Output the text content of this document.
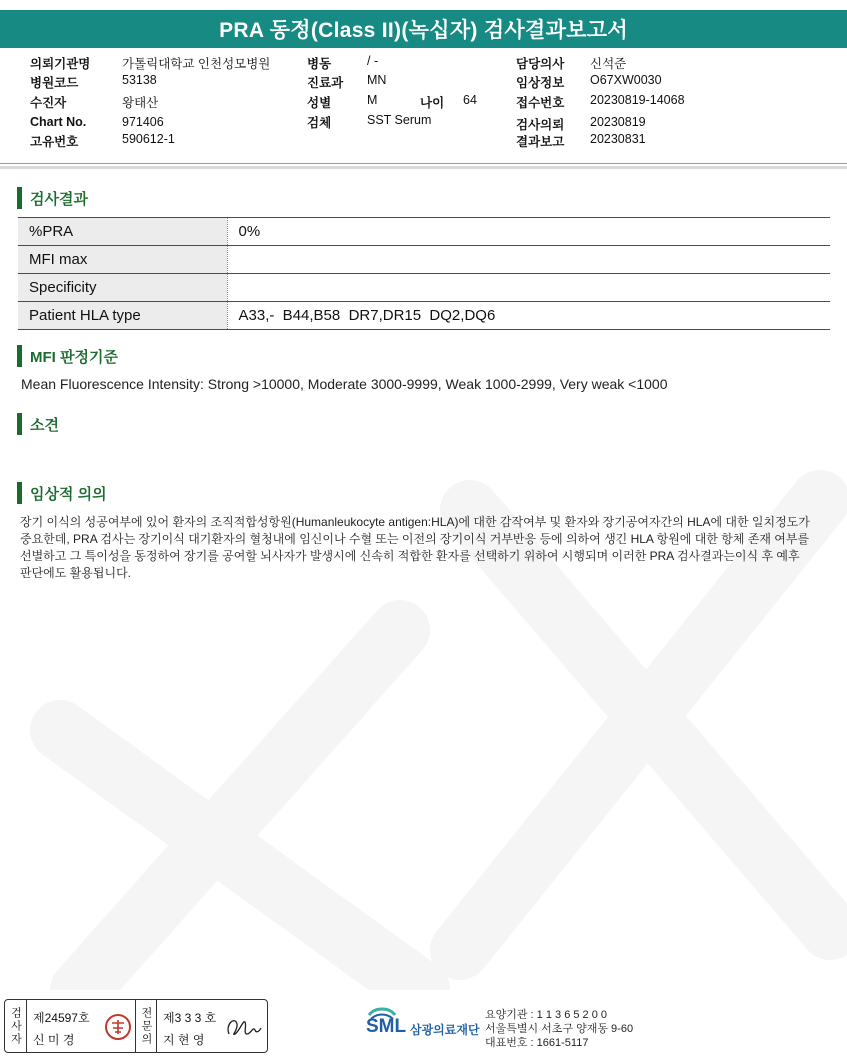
PRA 동정(Class II)(녹십자) 검사결과보고서
의뢰기관명	가톨릭대학교 인천성모병원
병원코드	53138
수진자	왕태산
Chart No.	971406
고유번호	590612-1
병동	/ -
진료과 MN
성별	M	나이 64
검체	SST Serum
담당의사 신석준
임상정보 O67XW0030
접수번호 20230819-14068
검사의뢰 20230819
결과보고 20230831
검사결과
%PRA	0%
MFI max	
Specificity	
Patient HLA type	A33,-  B44,B58  DR7,DR15  DQ2,DQ6
MFI 판정기준
Mean Fluorescence Intensity: Strong >10000, Moderate 3000-9999, Weak 1000-2999, Very weak <1000
소견
임상적 의의
장기 이식의 성공여부에 있어 환자의 조직적합성항원(Humanleukocyte antigen:HLA)에 대한 감작여부 및 환자와 장기공여자간의 HLA에 대한 일치정도가 중요한데, PRA 검사는 장기이식 대기환자의 혈청내에 임신이나 수혈 또는 이전의 장기이식 거부반응 등에 의하여 생긴 HLA 항원에 대한 항체 존재 여부를 선별하고 그 특이성을 동정하여 장기를 공여할 뇌사자가 발생시에 신속히 적합한 환자를 선택하기 위하여 시행되며 이러한 PRA 검사결과는이식 후 예후 판단에도 활용됩니다.
검사자 제24597호
신 미 경	전문의 제3 3 3 호
지 현 영
SML 삼광의료재단
요양기관 : 1 1 3 6 5 2 0 0
서울특별시 서초구 양재동 9-60
대표번호 : 1661-5117
